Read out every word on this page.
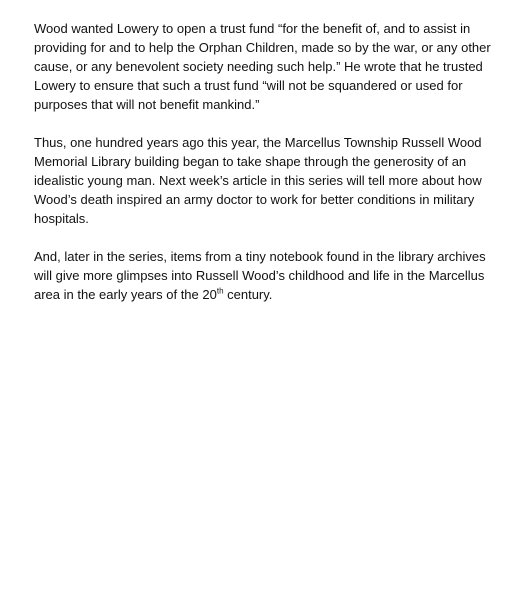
Wood wanted Lowery to open a trust fund “for the benefit of, and to assist in providing for and to help the Orphan Children, made so by the war, or any other cause, or any benevolent society needing such help.” He wrote that he trusted Lowery to ensure that such a trust fund “will not be squandered or used for purposes that will not benefit mankind.”

Thus, one hundred years ago this year, the Marcellus Township Russell Wood Memorial Library building began to take shape through the generosity of an idealistic young man. Next week’s article in this series will tell more about how Wood’s death inspired an army doctor to work for better conditions in military hospitals.

And, later in the series, items from a tiny notebook found in the library archives will give more glimpses into Russell Wood’s childhood and life in the Marcellus area in the early years of the 20th century.
